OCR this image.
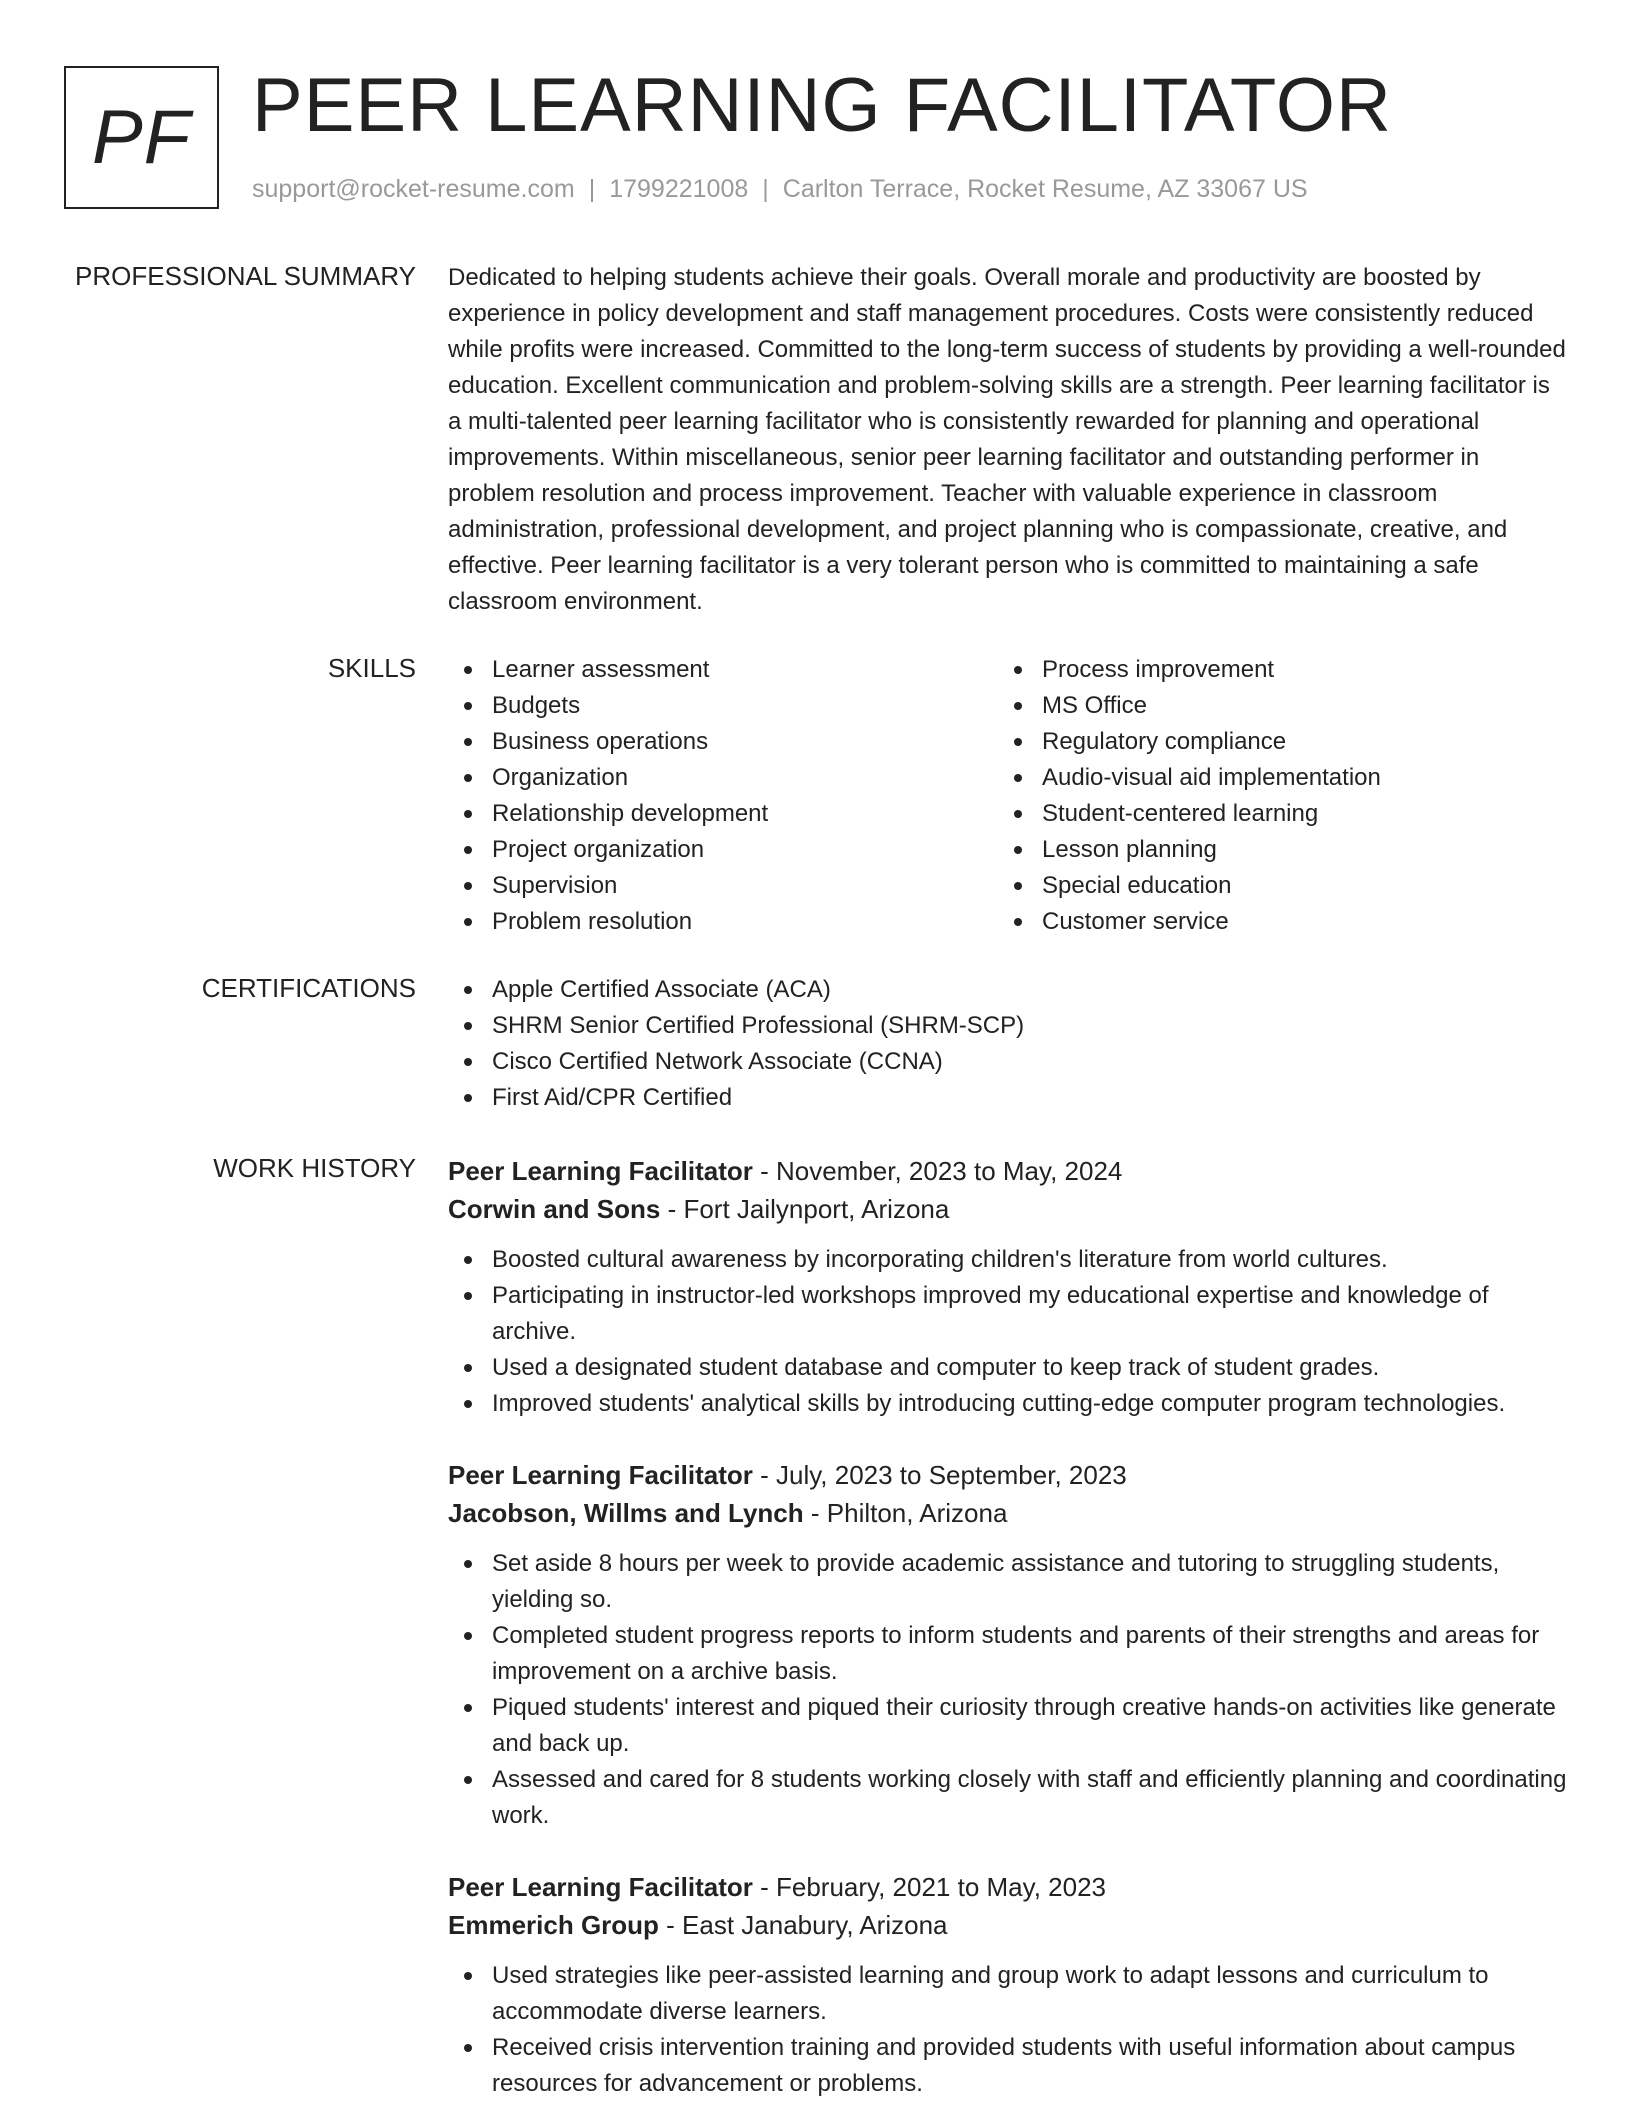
PF PEER LEARNING FACILITATOR
support@rocket-resume.com | 1799221008 | Carlton Terrace, Rocket Resume, AZ 33067 US
PROFESSIONAL SUMMARY Dedicated to helping students achieve their goals. Overall morale and productivity are boosted by experience in policy development and staff management procedures. Costs were consistently reduced while profits were increased. Committed to the long-term success of students by providing a well-rounded education. Excellent communication and problem-solving skills are a strength. Peer learning facilitator is a multi-talented peer learning facilitator who is consistently rewarded for planning and operational improvements. Within miscellaneous, senior peer learning facilitator and outstanding performer in problem resolution and process improvement. Teacher with valuable experience in classroom administration, professional development, and project planning who is compassionate, creative, and effective. Peer learning facilitator is a very tolerant person who is committed to maintaining a safe classroom environment.

SKILLS	Learner assessment
Budgets
Business operations
Organization
Relationship development
Project organization
Supervision
Problem resolution
Process improvement
MS Office
Regulatory compliance
Audio-visual aid implementation
Student-centered learning
Lesson planning
Special education
Customer service
CERTIFICATIONS	Apple Certified Associate (ACA)
SHRM Senior Certified Professional (SHRM-SCP)
Cisco Certified Network Associate (CCNA)
First Aid/CPR Certified
WORK HISTORY Peer Learning Facilitator - November, 2023 to May, 2024
Corwin and Sons - Fort Jailynport, Arizona
Boosted cultural awareness by incorporating children's literature from world cultures.
Participating in instructor-led workshops improved my educational expertise and knowledge of archive.
Used a designated student database and computer to keep track of student grades.
Improved students' analytical skills by introducing cutting-edge computer program technologies.
Peer Learning Facilitator - July, 2023 to September, 2023
Jacobson, Willms and Lynch - Philton, Arizona
Set aside 8 hours per week to provide academic assistance and tutoring to struggling students, yielding so.
Completed student progress reports to inform students and parents of their strengths and areas for improvement on a archive basis.
Piqued students' interest and piqued their curiosity through creative hands-on activities like generate and back up.
Assessed and cared for 8 students working closely with staff and efficiently planning and coordinating work.
Peer Learning Facilitator - February, 2021 to May, 2023
Emmerich Group - East Janabury, Arizona
Used strategies like peer-assisted learning and group work to adapt lessons and curriculum to accommodate diverse learners.
Received crisis intervention training and provided students with useful information about campus resources for advancement or problems.
